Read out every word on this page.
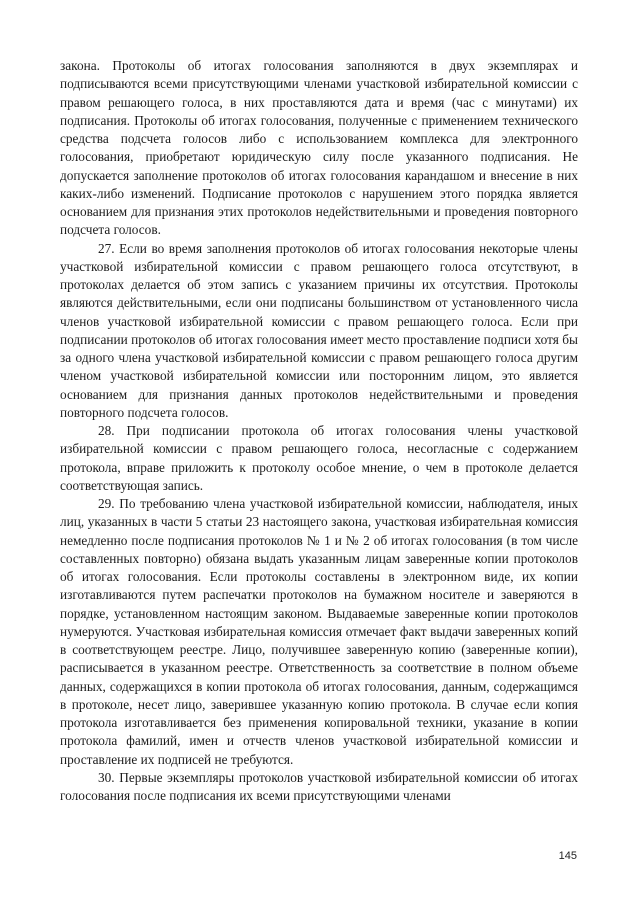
закона. Протоколы об итогах голосования заполняются в двух экземплярах и подписываются всеми присутствующими членами участковой избирательной комиссии с правом решающего голоса, в них проставляются дата и время (час с минутами) их подписания. Протоколы об итогах голосования, полученные с применением технического средства подсчета голосов либо с использованием комплекса для электронного голосования, приобретают юридическую силу после указанного подписания. Не допускается заполнение протоколов об итогах голосования карандашом и внесение в них каких-либо изменений. Подписание протоколов с нарушением этого порядка является основанием для признания этих протоколов недействительными и проведения повторного подсчета голосов.

27. Если во время заполнения протоколов об итогах голосования некоторые члены участковой избирательной комиссии с правом решающего голоса отсутствуют, в протоколах делается об этом запись с указанием причины их отсутствия. Протоколы являются действительными, если они подписаны большинством от установленного числа членов участковой избирательной комиссии с правом решающего голоса. Если при подписании протоколов об итогах голосования имеет место проставление подписи хотя бы за одного члена участковой избирательной комиссии с правом решающего голоса другим членом участковой избирательной комиссии или посторонним лицом, это является основанием для признания данных протоколов недействительными и проведения повторного подсчета голосов.

28. При подписании протокола об итогах голосования члены участковой избирательной комиссии с правом решающего голоса, несогласные с содержанием протокола, вправе приложить к протоколу особое мнение, о чем в протоколе делается соответствующая запись.

29. По требованию члена участковой избирательной комиссии, наблюдателя, иных лиц, указанных в части 5 статьи 23 настоящего закона, участковая избирательная комиссия немедленно после подписания протоколов № 1 и № 2 об итогах голосования (в том числе составленных повторно) обязана выдать указанным лицам заверенные копии протоколов об итогах голосования. Если протоколы составлены в электронном виде, их копии изготавливаются путем распечатки протоколов на бумажном носителе и заверяются в порядке, установленном настоящим законом. Выдаваемые заверенные копии протоколов нумеруются. Участковая избирательная комиссия отмечает факт выдачи заверенных копий в соответствующем реестре. Лицо, получившее заверенную копию (заверенные копии), расписывается в указанном реестре. Ответственность за соответствие в полном объеме данных, содержащихся в копии протокола об итогах голосования, данным, содержащимся в протоколе, несет лицо, заверившее указанную копию протокола. В случае если копия протокола изготавливается без применения копировальной техники, указание в копии протокола фамилий, имен и отчеств членов участковой избирательной комиссии и проставление их подписей не требуются.

30. Первые экземпляры протоколов участковой избирательной комиссии об итогах голосования после подписания их всеми присутствующими членами

145
